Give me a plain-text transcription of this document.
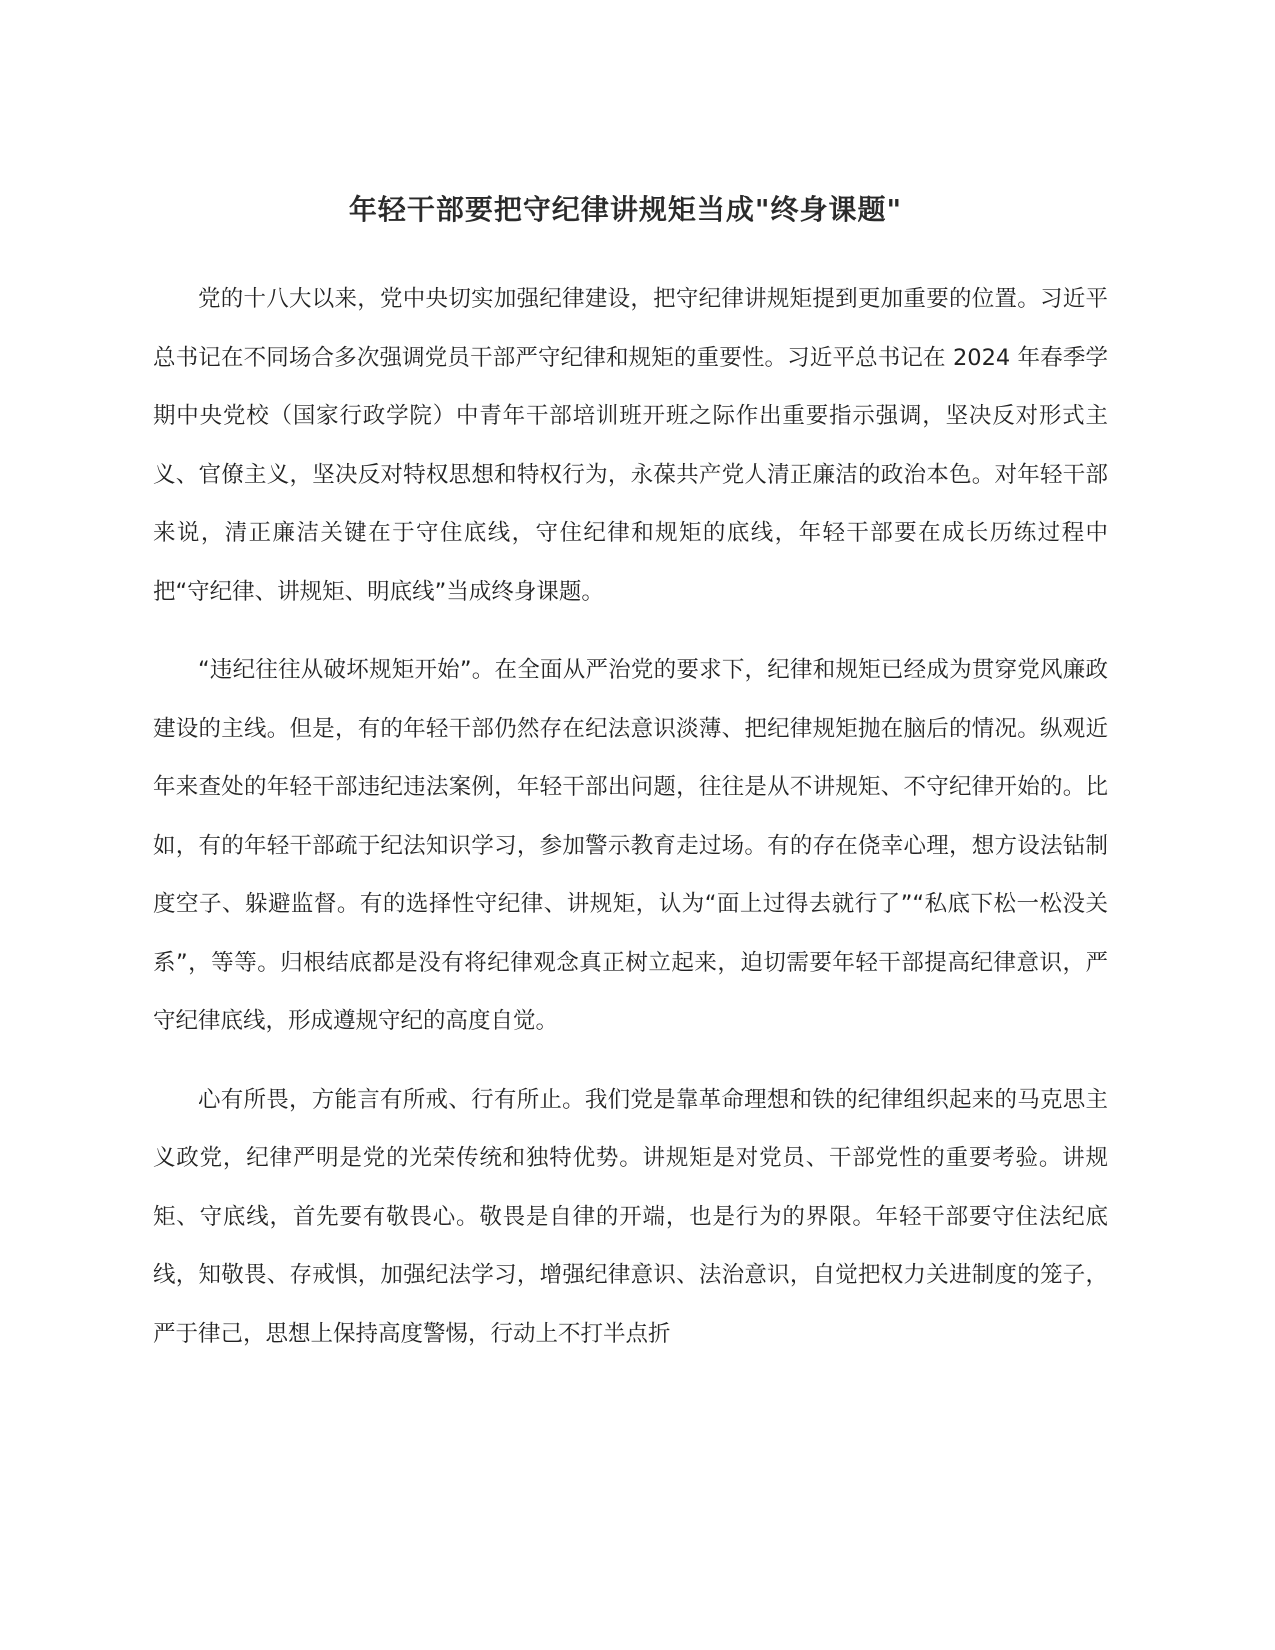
年轻干部要把守纪律讲规矩当成"终身课题"

党的十八大以来，党中央切实加强纪律建设，把守纪律讲规矩提到更加重要的位置。习近平总书记在不同场合多次强调党员干部严守纪律和规矩的重要性。习近平总书记在 2024 年春季学期中央党校（国家行政学院）中青年干部培训班开班之际作出重要指示强调，坚决反对形式主义、官僚主义，坚决反对特权思想和特权行为，永葆共产党人清正廉洁的政治本色。对年轻干部来说，清正廉洁关键在于守住底线，守住纪律和规矩的底线，年轻干部要在成长历练过程中把“守纪律、讲规矩、明底线”当成终身课题。

“违纪往往从破坏规矩开始”。在全面从严治党的要求下，纪律和规矩已经成为贯穿党风廉政建设的主线。但是，有的年轻干部仍然存在纪法意识淡薄、把纪律规矩抛在脑后的情况。纵观近年来查处的年轻干部违纪违法案例，年轻干部出问题，往往是从不讲规矩、不守纪律开始的。比如，有的年轻干部疏于纪法知识学习，参加警示教育走过场。有的存在侥幸心理，想方设法钻制度空子、躲避监督。有的选择性守纪律、讲规矩，认为“面上过得去就行了”“私底下松一松没关系”，等等。归根结底都是没有将纪律观念真正树立起来，迫切需要年轻干部提高纪律意识，严守纪律底线，形成遵规守纪的高度自觉。

心有所畏，方能言有所戒、行有所止。我们党是靠革命理想和铁的纪律组织起来的马克思主义政党，纪律严明是党的光荣传统和独特优势。讲规矩是对党员、干部党性的重要考验。讲规矩、守底线，首先要有敬畏心。敬畏是自律的开端，也是行为的界限。年轻干部要守住法纪底线，知敬畏、存戒惧，加强纪法学习，增强纪律意识、法治意识，自觉把权力关进制度的笼子，严于律己，思想上保持高度警惕，行动上不打半点折
